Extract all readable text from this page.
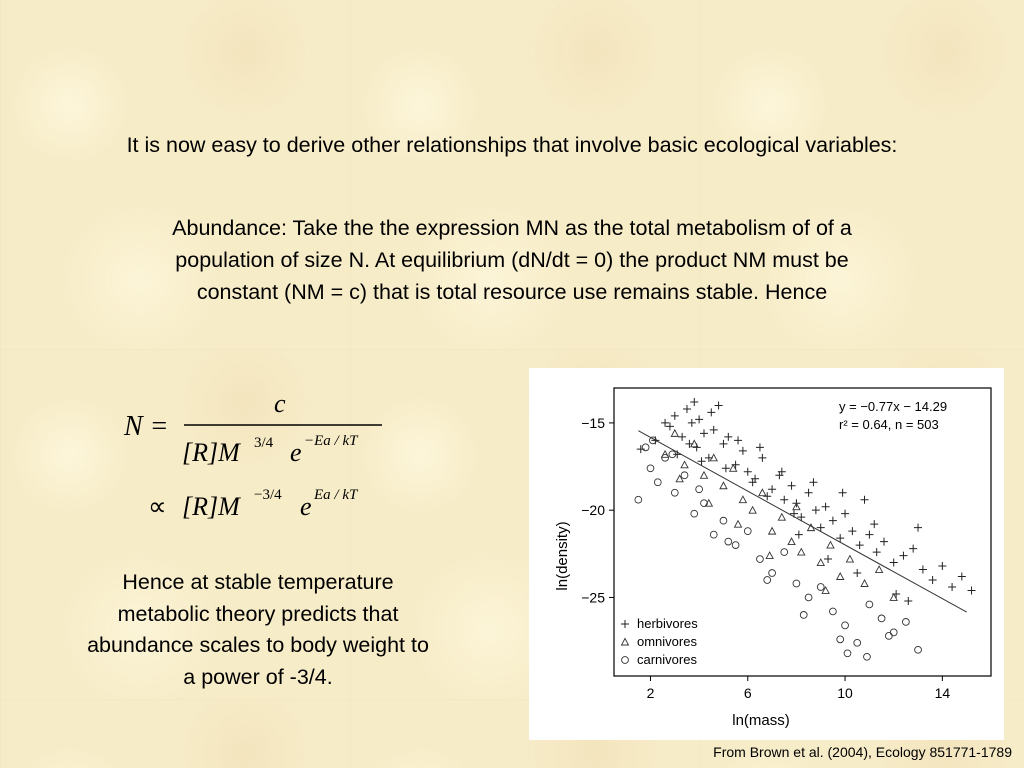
It is now easy to derive other relationships that involve basic ecological variables:
Abundance: Take the the expression MN as the total metabolism of of a
population of size N. At equilibrium (dN/dt = 0) the product NM must be
constant (NM = c) that is total resource use remains stable. Hence
N =
c
[R]M 3/4 e −Ea / kT
∝ [R]M −3/4 e Ea / kT
Hence at stable temperature
metabolic theory predicts that
abundance scales to body weight to
a power of -3/4.
2	6	10	14
−15
−20
−25
y = −0.77x − 14.29
r² = 0.64, n = 503
herbivores
omnivores
carnivores
ln(mass)
ln(density)
From Brown et al. (2004), Ecology 851771-1789
